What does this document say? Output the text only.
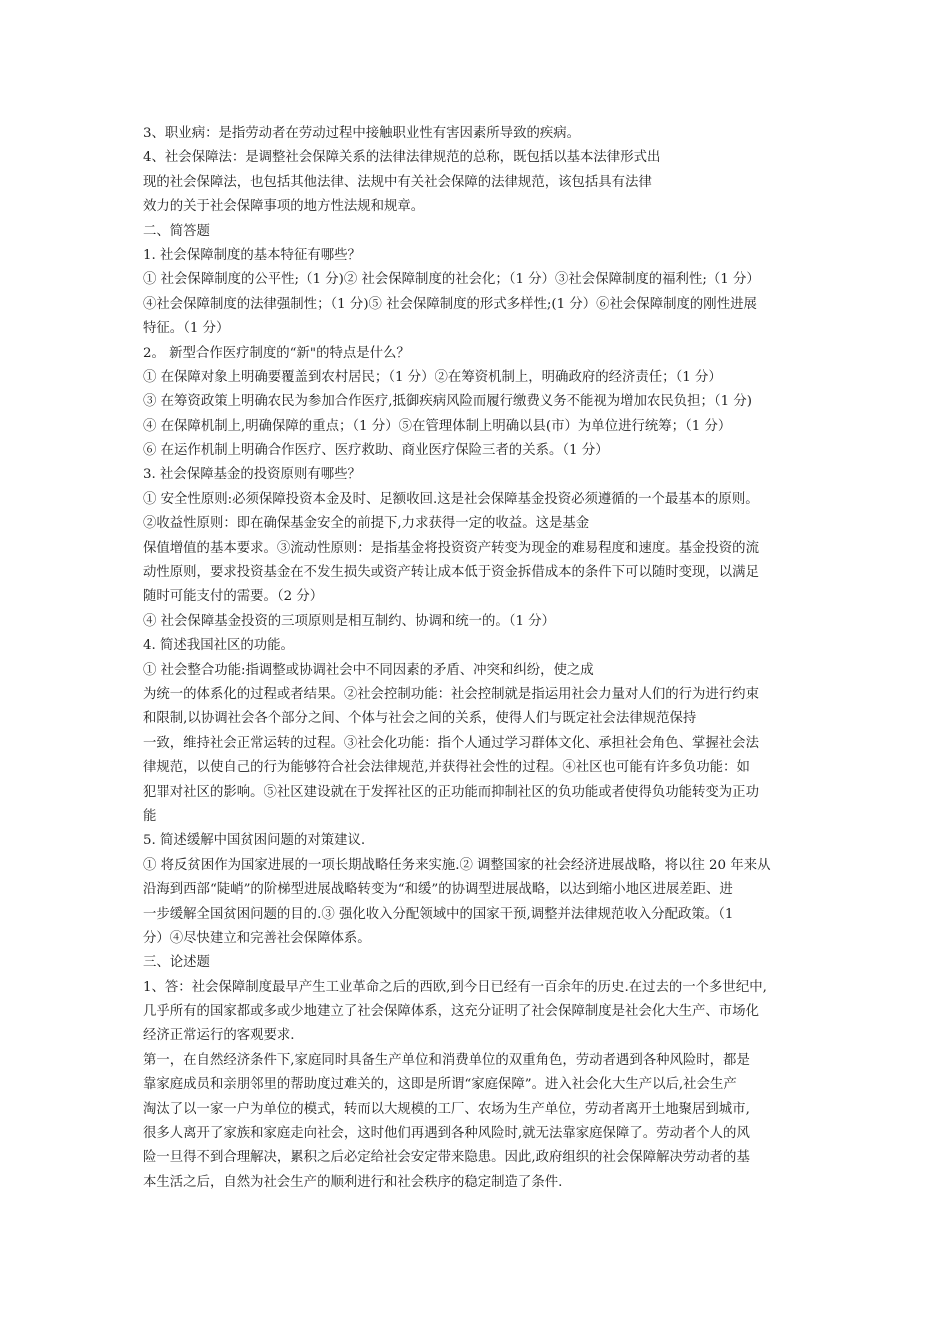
3、职业病：是指劳动者在劳动过程中接触职业性有害因素所导致的疾病。
4、社会保障法：是调整社会保障关系的法律法律规范的总称，既包括以基本法律形式出
现的社会保障法，也包括其他法律、法规中有关社会保障的法律规范，该包括具有法律
效力的关于社会保障事项的地方性法规和规章。
二、简答题
1. 社会保障制度的基本特征有哪些？
① 社会保障制度的公平性;（1 分)② 社会保障制度的社会化；（1 分）③社会保障制度的福利性;（1 分）
④社会保障制度的法律强制性；（1 分)⑤ 社会保障制度的形式多样性;(1 分）⑥社会保障制度的刚性进展
特征。（1 分）
2。 新型合作医疗制度的“新"的特点是什么？
① 在保障对象上明确要覆盖到农村居民；（1 分）②在筹资机制上，明确政府的经济责任；（1 分）
③ 在筹资政策上明确农民为参加合作医疗,抵御疾病风险而履行缴费义务不能视为增加农民负担；（1 分)
④ 在保障机制上,明确保障的重点；（1 分）⑤在管理体制上明确以县(市）为单位进行统筹；（1 分）
⑥ 在运作机制上明确合作医疗、医疗救助、商业医疗保险三者的关系。（1 分）
3. 社会保障基金的投资原则有哪些？
① 安全性原则:必须保障投资本金及时、足额收回.这是社会保障基金投资必须遵循的一个最基本的原则。
②收益性原则：即在确保基金安全的前提下,力求获得一定的收益。这是基金
保值增值的基本要求。③流动性原则：是指基金将投资资产转变为现金的难易程度和速度。基金投资的流
动性原则，要求投资基金在不发生损失或资产转让成本低于资金拆借成本的条件下可以随时变现，以满足
随时可能支付的需要。（2 分）
④ 社会保障基金投资的三项原则是相互制约、协调和统一的。（1 分）
4. 简述我国社区的功能。
① 社会整合功能:指调整或协调社会中不同因素的矛盾、冲突和纠纷，使之成
为统一的体系化的过程或者结果。②社会控制功能：社会控制就是指运用社会力量对人们的行为进行约束
和限制,以协调社会各个部分之间、个体与社会之间的关系，使得人们与既定社会法律规范保持
一致，维持社会正常运转的过程。③社会化功能：指个人通过学习群体文化、承担社会角色、掌握社会法
律规范，以使自己的行为能够符合社会法律规范,并获得社会性的过程。④社区也可能有许多负功能：如
犯罪对社区的影响。⑤社区建设就在于发挥社区的正功能而抑制社区的负功能或者使得负功能转变为正功
能
5. 简述缓解中国贫困问题的对策建议.
① 将反贫困作为国家进展的一项长期战略任务来实施.② 调整国家的社会经济进展战略，将以往 20 年来从
沿海到西部“陡峭”的阶梯型进展战略转变为“和缓”的协调型进展战略，以达到缩小地区进展差距、进
一步缓解全国贫困问题的目的.③ 强化收入分配领域中的国家干预,调整并法律规范收入分配政策。（1
分）④尽快建立和完善社会保障体系。
三、论述题
1、答：社会保障制度最早产生工业革命之后的西欧,到今日已经有一百余年的历史.在过去的一个多世纪中,
几乎所有的国家都或多或少地建立了社会保障体系，这充分证明了社会保障制度是社会化大生产、市场化
经济正常运行的客观要求.
第一，在自然经济条件下,家庭同时具备生产单位和消费单位的双重角色，劳动者遇到各种风险时，都是
靠家庭成员和亲朋邻里的帮助度过难关的，这即是所谓“家庭保障”。进入社会化大生产以后,社会生产
淘汰了以一家一户为单位的模式，转而以大规模的工厂、农场为生产单位，劳动者离开土地聚居到城市,
很多人离开了家族和家庭走向社会，这时他们再遇到各种风险时,就无法靠家庭保障了。劳动者个人的风
险一旦得不到合理解决，累积之后必定给社会安定带来隐患。因此,政府组织的社会保障解决劳动者的基
本生活之后，自然为社会生产的顺利进行和社会秩序的稳定制造了条件.
